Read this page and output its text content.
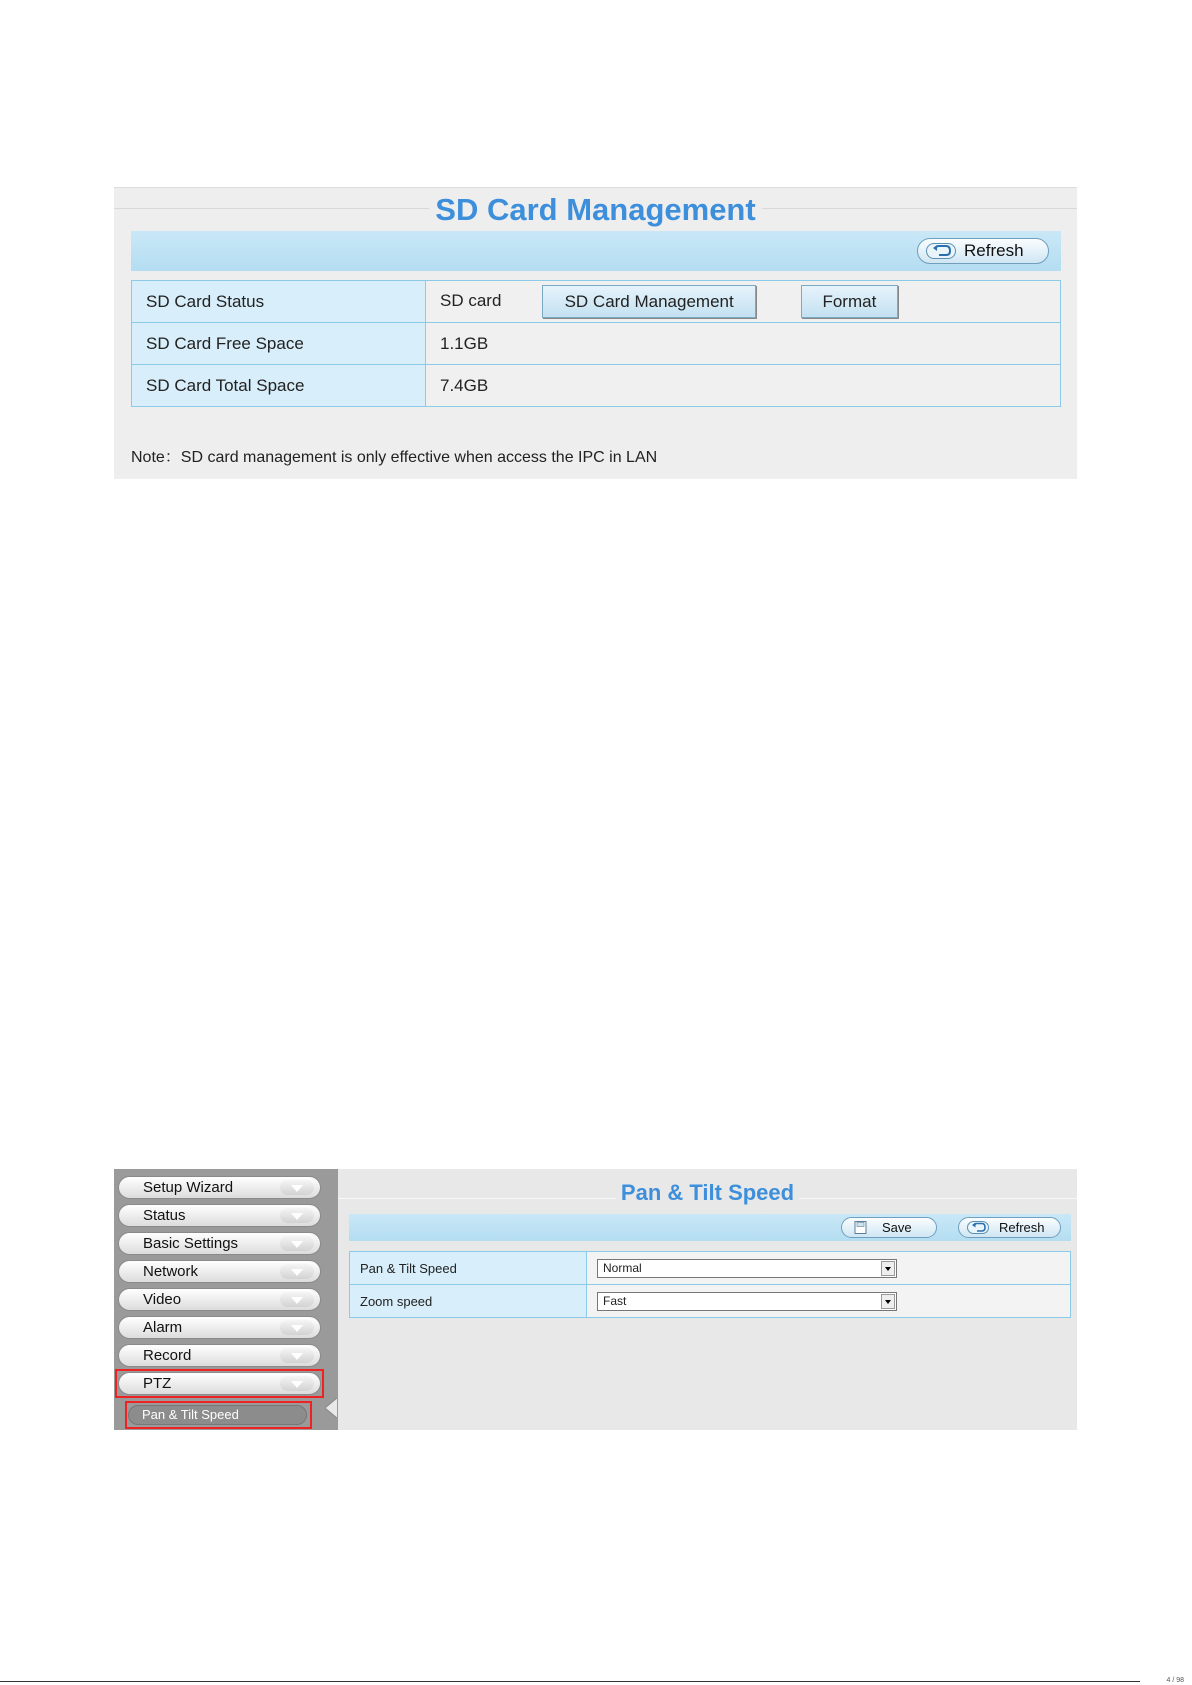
SD Card Management
Refresh
SD Card Status	SD card SD Card Management Format
SD Card Free Space	1.1GB
SD Card Total Space	7.4GB
Note：SD card management is only effective when access the IPC in LAN
Setup Wizard
Status
Basic Settings
Network
Video
Alarm
Record
PTZ
Pan & Tilt Speed
Pan & Tilt Speed
Save	Refresh
Pan & Tilt Speed	Normal

Zoom speed	Fast
4 / 98
